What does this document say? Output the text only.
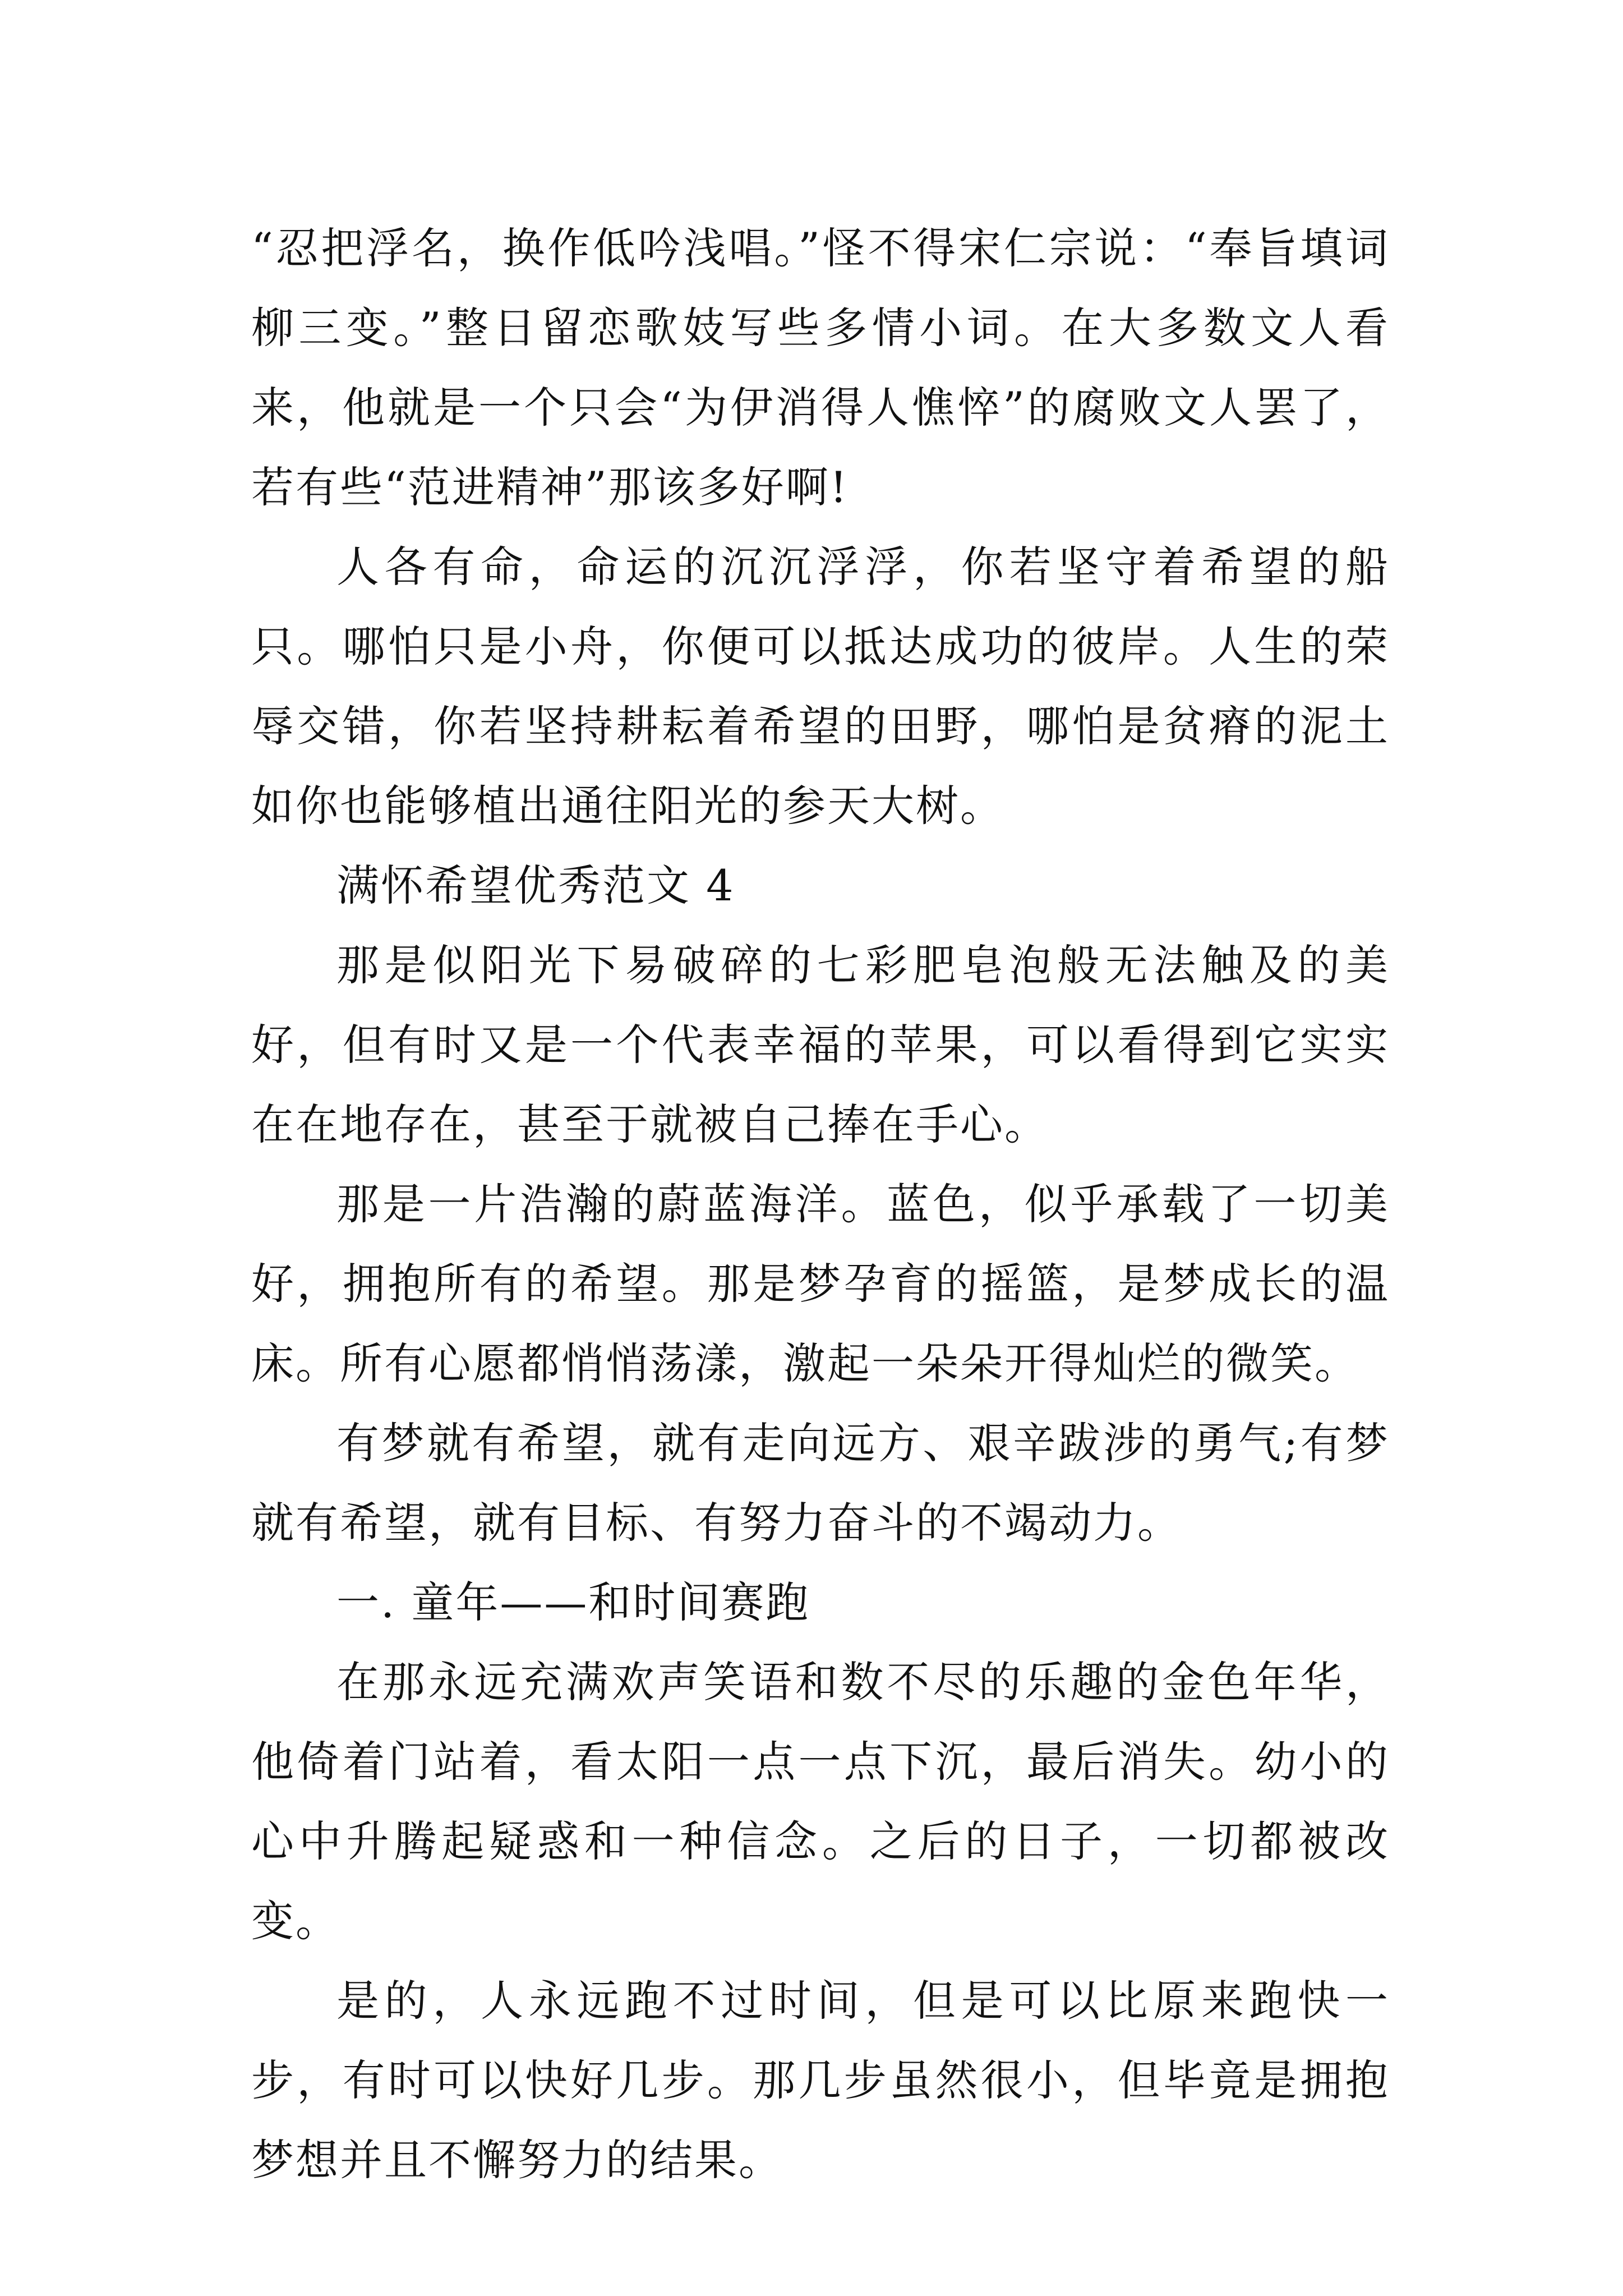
“忍把浮名，换作低吟浅唱。”怪不得宋仁宗说：“奉旨填词柳三变。”整日留恋歌妓写些多情小词。在大多数文人看来，他就是一个只会“为伊消得人憔悴”的腐败文人罢了，若有些“范进精神”那该多好啊!

人各有命，命运的沉沉浮浮，你若坚守着希望的船只。哪怕只是小舟，你便可以抵达成功的彼岸。人生的荣辱交错，你若坚持耕耘着希望的田野，哪怕是贫瘠的泥土如你也能够植出通往阳光的参天大树。

满怀希望优秀范文 4

那是似阳光下易破碎的七彩肥皂泡般无法触及的美好，但有时又是一个代表幸福的苹果，可以看得到它实实在在地存在，甚至于就被自己捧在手心。

那是一片浩瀚的蔚蓝海洋。蓝色，似乎承载了一切美好，拥抱所有的希望。那是梦孕育的摇篮，是梦成长的温床。所有心愿都悄悄荡漾，激起一朵朵开得灿烂的微笑。

有梦就有希望，就有走向远方、艰辛跋涉的勇气;有梦就有希望，就有目标、有努力奋斗的不竭动力。

一. 童年——和时间赛跑

在那永远充满欢声笑语和数不尽的乐趣的金色年华，他倚着门站着，看太阳一点一点下沉，最后消失。幼小的心中升腾起疑惑和一种信念。之后的日子，一切都被改变。

是的，人永远跑不过时间，但是可以比原来跑快一步，有时可以快好几步。那几步虽然很小，但毕竟是拥抱梦想并且不懈努力的结果。
